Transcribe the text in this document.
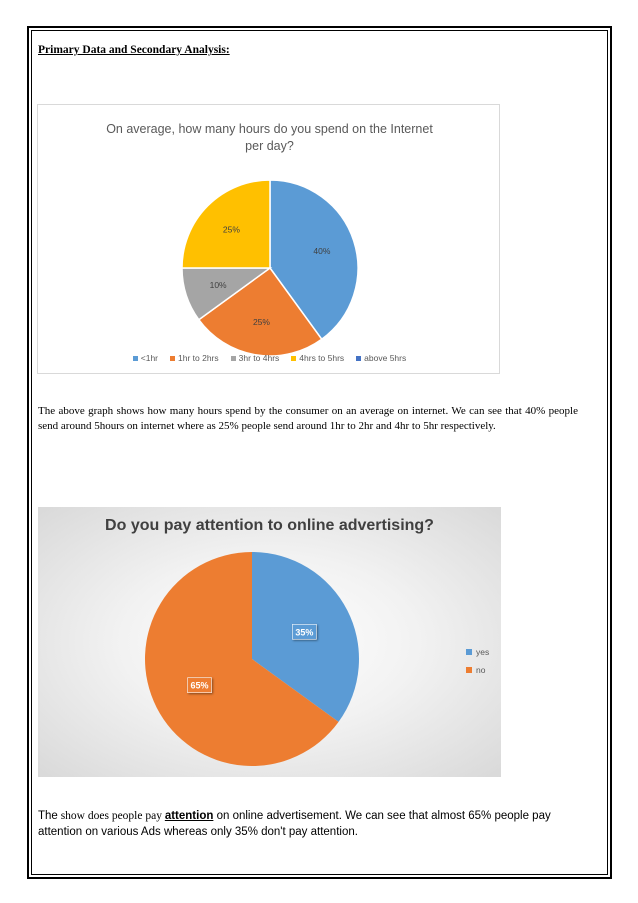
Primary Data and Secondary Analysis:
On average, how many hours do you spend on the Internet
per day?
40%
25%
10%
25%
<1hr 1hr to 2hrs 3hr to 4hrs 4hrs to 5hrs above 5hrs
The above graph shows how many hours spend by the consumer on an average on internet. We can see that 40% people send around 5hours on internet where as 25% people send around 1hr to 2hr and 4hr to 5hr respectively.
Do you pay attention to online advertising?
35%
65%
yes
no
The show does people pay attention on online advertisement. We can see that almost 65% people pay attention on various Ads whereas only 35% don't pay attention.
